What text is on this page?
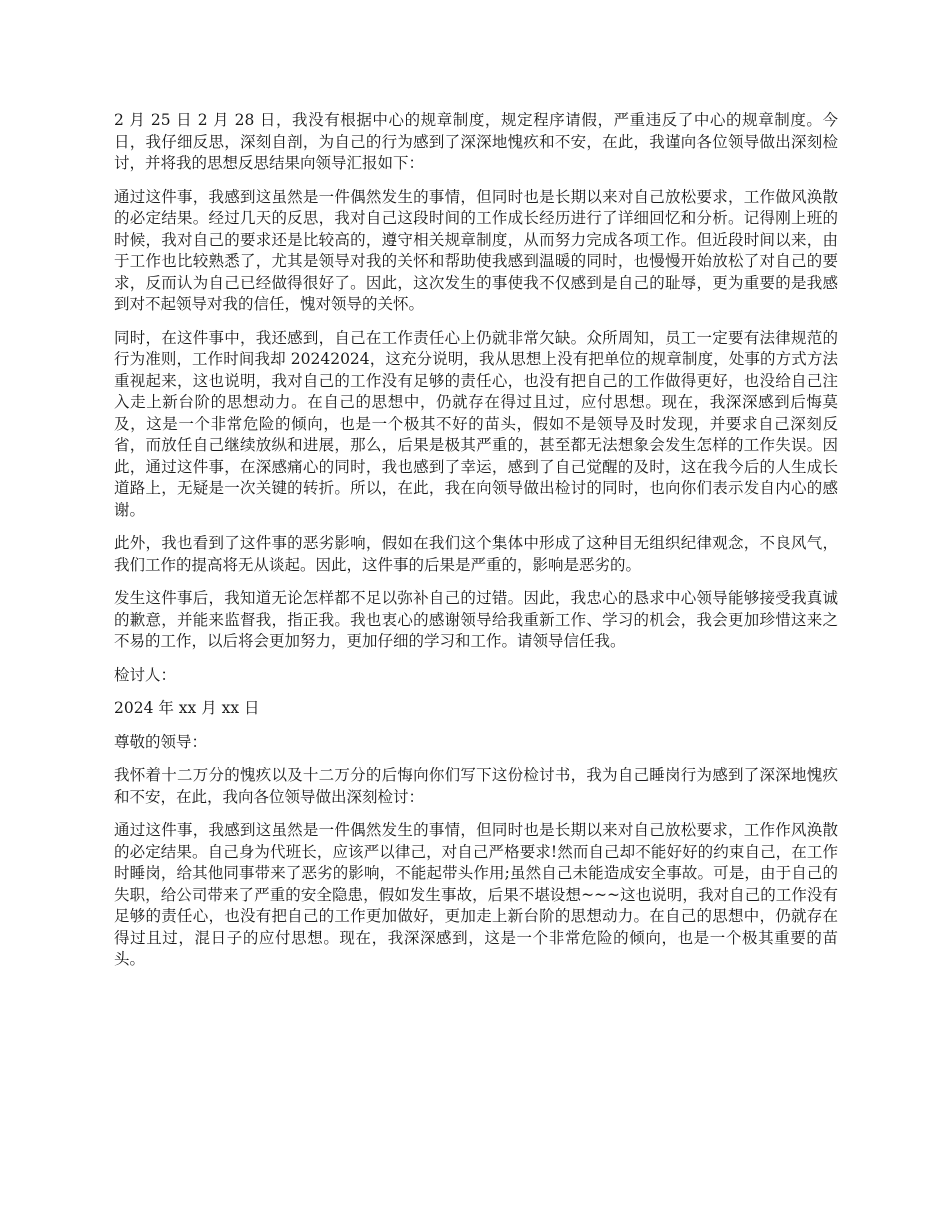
2 月 25 日 2 月 28 日，我没有根据中心的规章制度，规定程序请假，严重违反了中心的规章制度。今日，我仔细反思，深刻自剖，为自己的行为感到了深深地愧疚和不安，在此，我谨向各位领导做出深刻检讨，并将我的思想反思结果向领导汇报如下：

通过这件事，我感到这虽然是一件偶然发生的事情，但同时也是长期以来对自己放松要求，工作做风涣散的必定结果。经过几天的反思，我对自己这段时间的工作成长经历进行了详细回忆和分析。记得刚上班的时候，我对自己的要求还是比较高的，遵守相关规章制度，从而努力完成各项工作。但近段时间以来，由于工作也比较熟悉了，尤其是领导对我的关怀和帮助使我感到温暖的同时，也慢慢开始放松了对自己的要求，反而认为自己已经做得很好了。因此，这次发生的事使我不仅感到是自己的耻辱，更为重要的是我感到对不起领导对我的信任，愧对领导的关怀。

同时，在这件事中，我还感到，自己在工作责任心上仍就非常欠缺。众所周知，员工一定要有法律规范的行为准则，工作时间我却 20242024，这充分说明，我从思想上没有把单位的规章制度，处事的方式方法重视起来，这也说明，我对自己的工作没有足够的责任心，也没有把自己的工作做得更好，也没给自己注入走上新台阶的思想动力。在自己的思想中，仍就存在得过且过，应付思想。现在，我深深感到后悔莫及，这是一个非常危险的倾向，也是一个极其不好的苗头，假如不是领导及时发现，并要求自己深刻反省，而放任自己继续放纵和进展，那么，后果是极其严重的，甚至都无法想象会发生怎样的工作失误。因此，通过这件事，在深感痛心的同时，我也感到了幸运，感到了自己觉醒的及时，这在我今后的人生成长道路上，无疑是一次关键的转折。所以，在此，我在向领导做出检讨的同时，也向你们表示发自内心的感谢。

此外，我也看到了这件事的恶劣影响，假如在我们这个集体中形成了这种目无组织纪律观念，不良风气，我们工作的提高将无从谈起。因此，这件事的后果是严重的，影响是恶劣的。

发生这件事后，我知道无论怎样都不足以弥补自己的过错。因此，我忠心的恳求中心领导能够接受我真诚的歉意，并能来监督我，指正我。我也衷心的感谢领导给我重新工作、学习的机会，我会更加珍惜这来之不易的工作，以后将会更加努力，更加仔细的学习和工作。请领导信任我。

检讨人：

2024 年 xx 月 xx 日

尊敬的领导：

我怀着十二万分的愧疚以及十二万分的后悔向你们写下这份检讨书，我为自己睡岗行为感到了深深地愧疚和不安，在此，我向各位领导做出深刻检讨：

通过这件事，我感到这虽然是一件偶然发生的事情，但同时也是长期以来对自己放松要求，工作作风涣散的必定结果。自己身为代班长，应该严以律己，对自己严格要求!然而自己却不能好好的约束自己，在工作时睡岗，给其他同事带来了恶劣的影响，不能起带头作用;虽然自己未能造成安全事故。可是，由于自己的失职，给公司带来了严重的安全隐患，假如发生事故，后果不堪设想~~~这也说明，我对自己的工作没有足够的责任心，也没有把自己的工作更加做好，更加走上新台阶的思想动力。在自己的思想中，仍就存在得过且过，混日子的应付思想。现在，我深深感到，这是一个非常危险的倾向，也是一个极其重要的苗头。
